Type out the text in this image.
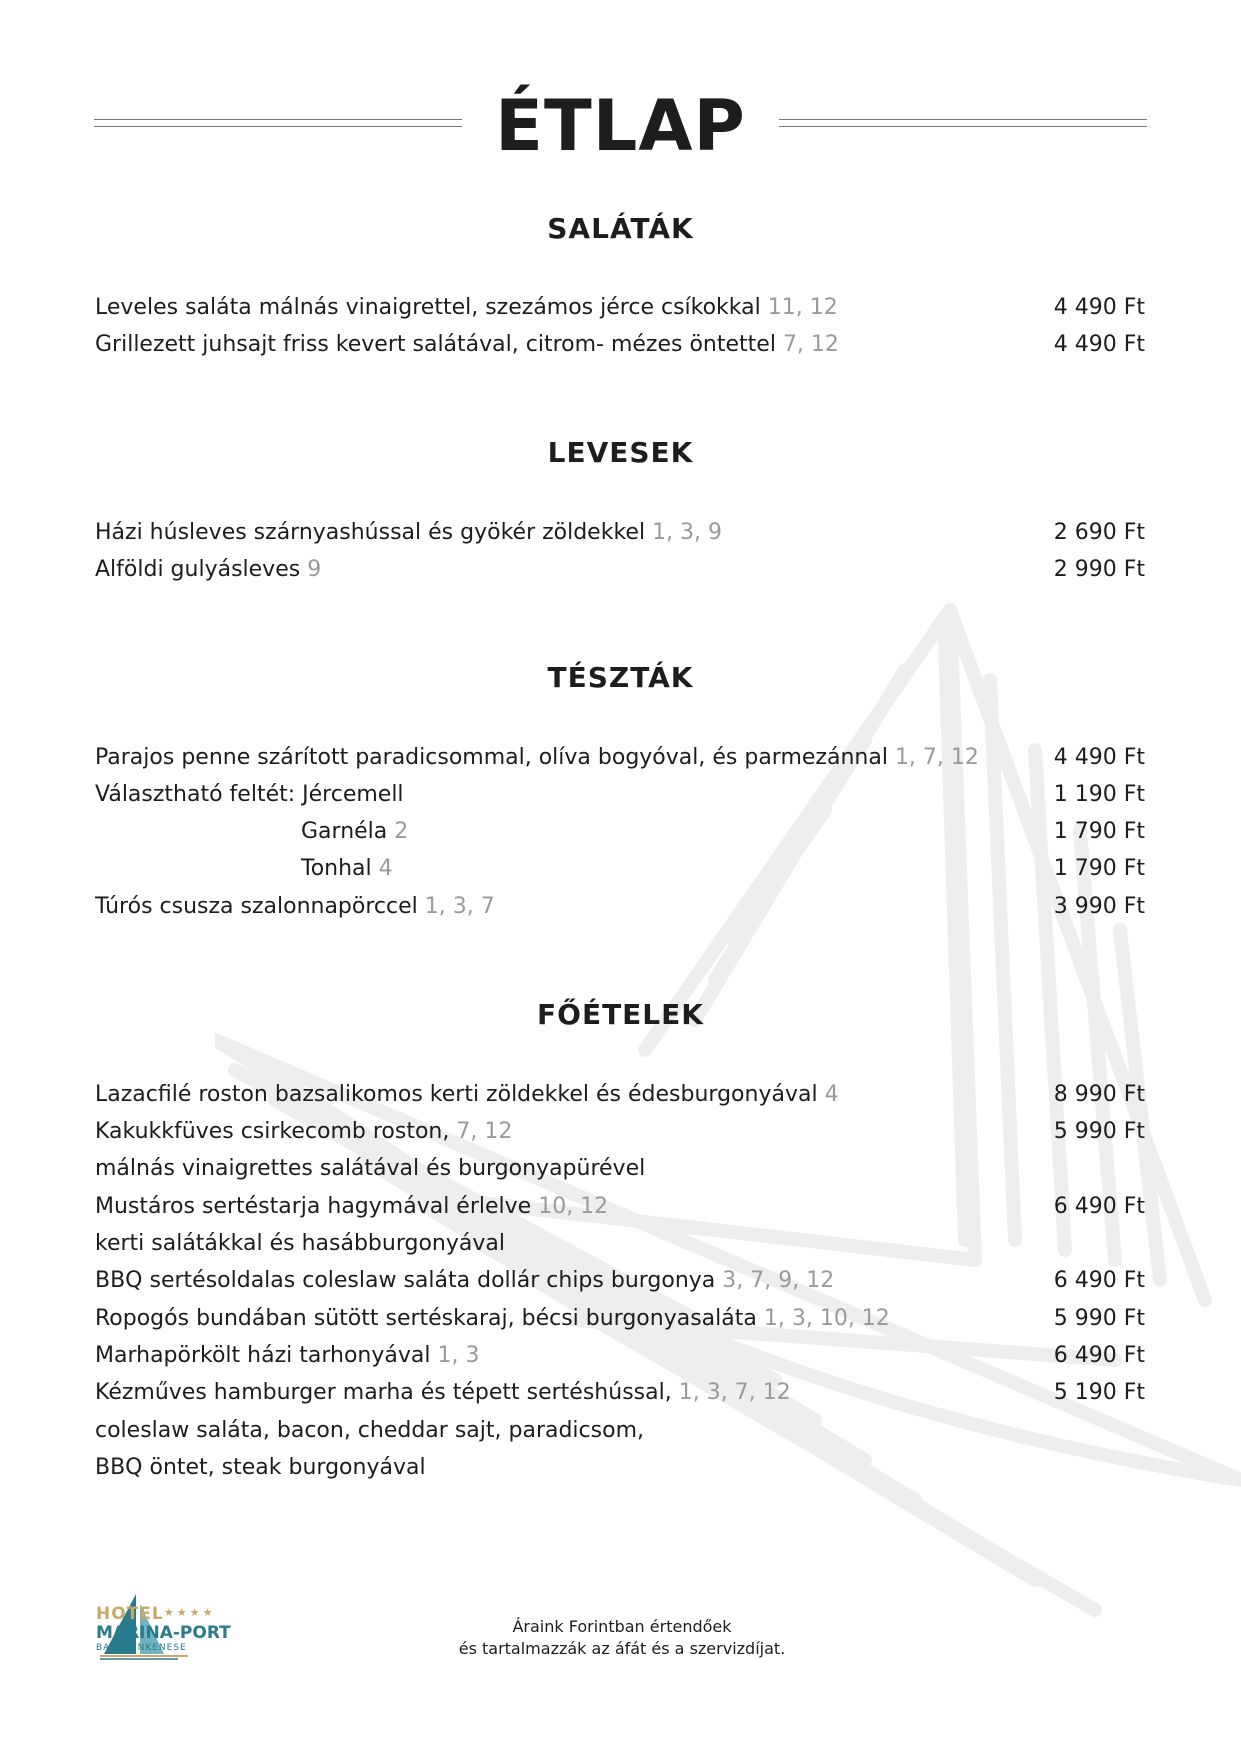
ÉTLAP
SALÁTÁK
Leveles saláta málnás vinaigrettel, szezámos jérce csíkokkal 11, 12	4 490 Ft
Grillezett juhsajt friss kevert salátával, citrom- mézes öntettel 7, 12	4 490 Ft
LEVESEK
Házi húsleves szárnyashússal és gyökér zöldekkel 1, 3, 9	2 690 Ft
Alföldi gulyásleves 9	2 990 Ft
TÉSZTÁK
Parajos penne szárított paradicsommal, olíva bogyóval, és parmezánnal 1, 7, 12	4 490 Ft
Választható feltét: Jércemell	1 190 Ft
Garnéla 2	1 790 Ft
Tonhal 4	1 790 Ft
Túrós csusza szalonnapörccel 1, 3, 7	3 990 Ft
FŐÉTELEK
Lazacfilé roston bazsalikomos kerti zöldekkel és édesburgonyával 4	8 990 Ft
Kakukkfüves csirkecomb roston, 7, 12	5 990 Ft
málnás vinaigrettes salátával és burgonyapürével
Mustáros sertéstarja hagymával érlelve 10, 12	6 490 Ft
kerti salátákkal és hasábburgonyával
BBQ sertésoldalas coleslaw saláta dollár chips burgonya 3, 7, 9, 12	6 490 Ft
Ropogós bundában sütött sertéskaraj, bécsi burgonyasaláta 1, 3, 10, 12	5 990 Ft
Marhapörkölt házi tarhonyával 1, 3	6 490 Ft
Kézműves hamburger marha és tépett sertéshússal, 1, 3, 7, 12	5 190 Ft
coleslaw saláta, bacon, cheddar sajt, paradicsom,
BBQ öntet, steak burgonyával
HOTEL ★★★★
MARINA-PORT
BALATONKENESE
Áraink Forintban értendőek
és tartalmazzák az áfát és a szervizdíjat.
